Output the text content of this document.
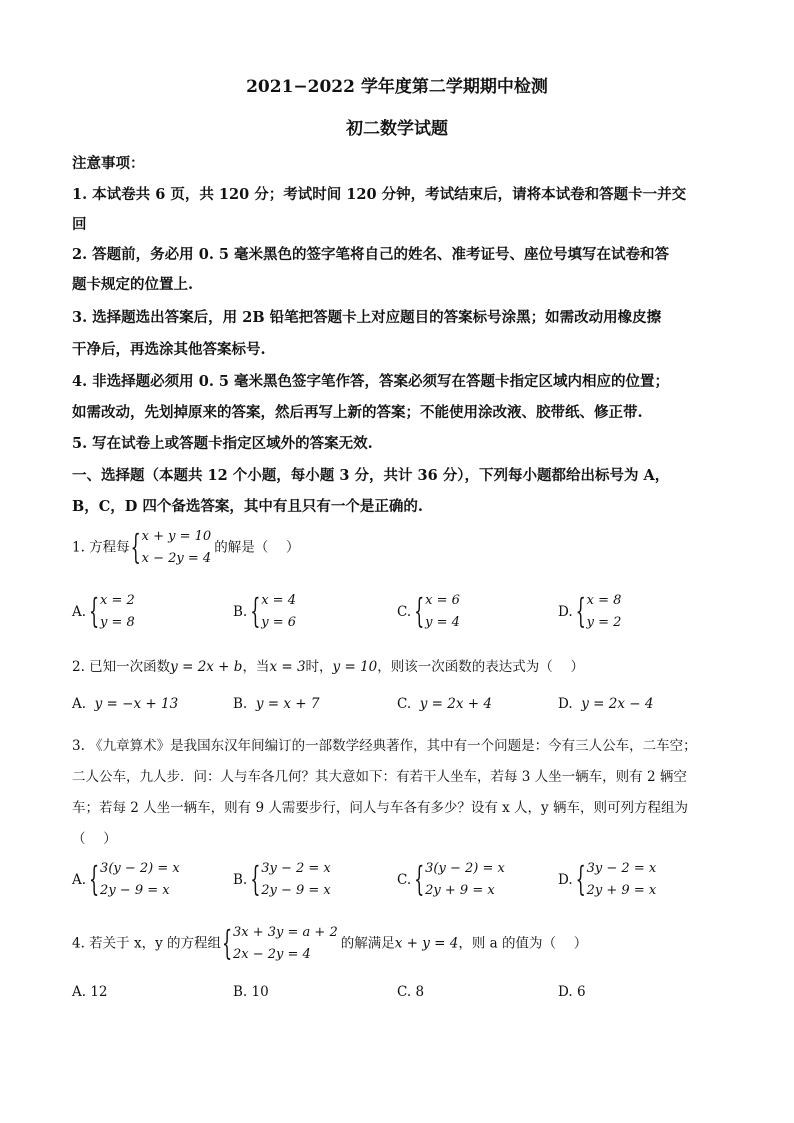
2021−2022 学年度第二学期期中检测
初二数学试题
注意事项：
1. 本试卷共 6 页，共 120 分；考试时间 120 分钟，考试结束后，请将本试卷和答题卡一并交
回
2. 答题前，务必用 0. 5 毫米黑色的签字笔将自己的姓名、准考证号、座位号填写在试卷和答
题卡规定的位置上.
3. 选择题选出答案后，用 2B 铅笔把答题卡上对应题目的答案标号涂黑；如需改动用橡皮擦
干净后，再选涂其他答案标号.
4. 非选择题必须用 0. 5 毫米黑色签字笔作答，答案必须写在答题卡指定区域内相应的位置；
如需改动，先划掉原来的答案，然后再写上新的答案；不能使用涂改液、胶带纸、修正带.
5. 写在试卷上或答题卡指定区域外的答案无效.
一、选择题（本题共 12 个小题，每小题 3 分，共计 36 分），下列每小题都给出标号为 A，
B，C，D 四个备选答案，其中有且只有一个是正确的.
1. 方程每
{ x + y = 10
x − 2y = 4
的解是（　 ）
A.
{ x = 2
y = 8
B.
{ x = 4
y = 6
C.
{ x = 6
y = 4
D.
{ x = 8
y = 2
2. 已知一次函数y = 2x + b，当x = 3时，y = 10，则该一次函数的表达式为（　 ）
A. y = −x + 13	B. y = x + 7	C. y = 2x + 4	D. y = 2x − 4
3. 《九章算术》是我国东汉年间编订的一部数学经典著作，其中有一个问题是：今有三人公车，二车空；
二人公车，九人步．问：人与车各几何？其大意如下：有若干人坐车，若每 3 人坐一辆车，则有 2 辆空
车；若每 2 人坐一辆车，则有 9 人需要步行，问人与车各有多少？设有 x 人，y 辆车，则可列方程组为
（　 ）
A.
{ 3(y − 2) = x
2y − 9 = x
B.
{ 3y − 2 = x
2y − 9 = x
C.
{ 3(y − 2) = x
2y + 9 = x
D.
{ 3y − 2 = x
2y + 9 = x
4. 若关于 x，y 的方程组
{ 3x + 3y = a + 2
2x − 2y = 4
的解满足x + y = 4，则 a 的值为（　 ）
A. 12	B. 10	C. 8	D. 6
